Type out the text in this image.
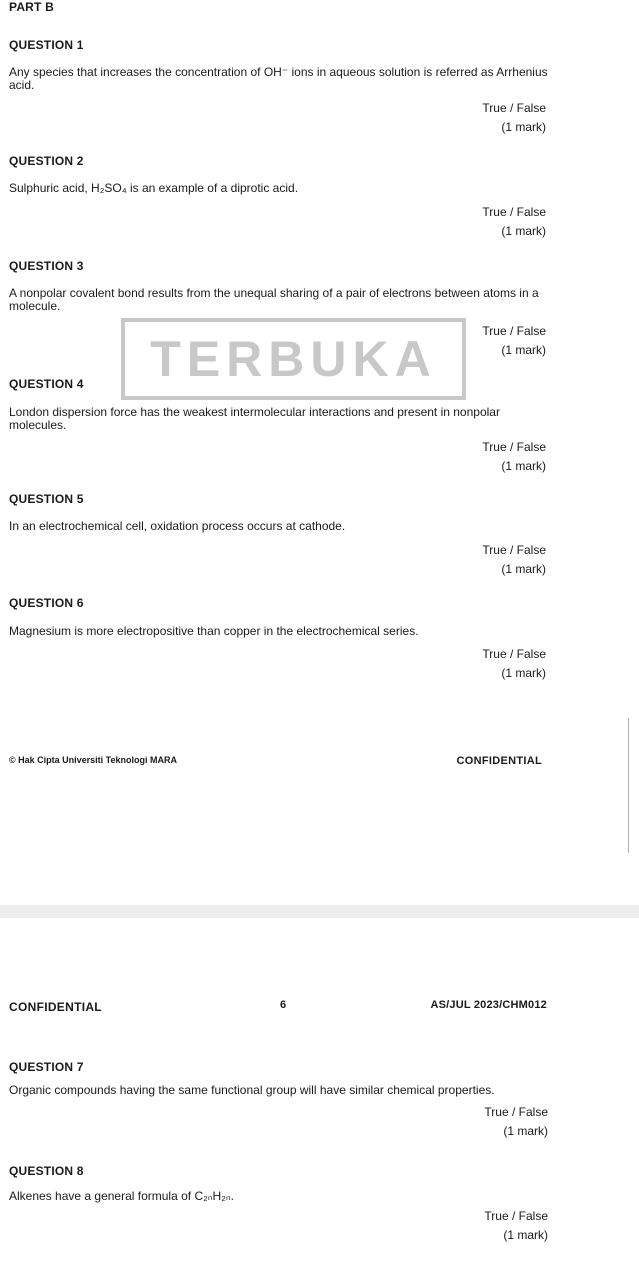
PART B

QUESTION 1

Any species that increases the concentration of OH⁻ ions in aqueous solution is referred as Arrhenius acid.

True / False

(1 mark)

QUESTION 2

Sulphuric acid, H₂SO₄ is an example of a diprotic acid.

True / False

(1 mark)

QUESTION 3

A nonpolar covalent bond results from the unequal sharing of a pair of electrons between atoms in a molecule.

True / False

(1 mark)

TERBUKA

QUESTION 4

London dispersion force has the weakest intermolecular interactions and present in nonpolar molecules.

True / False

(1 mark)

QUESTION 5

In an electrochemical cell, oxidation process occurs at cathode.

True / False

(1 mark)

QUESTION 6

Magnesium is more electropositive than copper in the electrochemical series.

True / False

(1 mark)

© Hak Cipta Universiti Teknologi MARA	CONFIDENTIAL

CONFIDENTIAL	6	AS/JUL 2023/CHM012

QUESTION 7

Organic compounds having the same functional group will have similar chemical properties.

True / False

(1 mark)

QUESTION 8

Alkenes have a general formula of C₂ₙH₂ₙ.

True / False

(1 mark)
